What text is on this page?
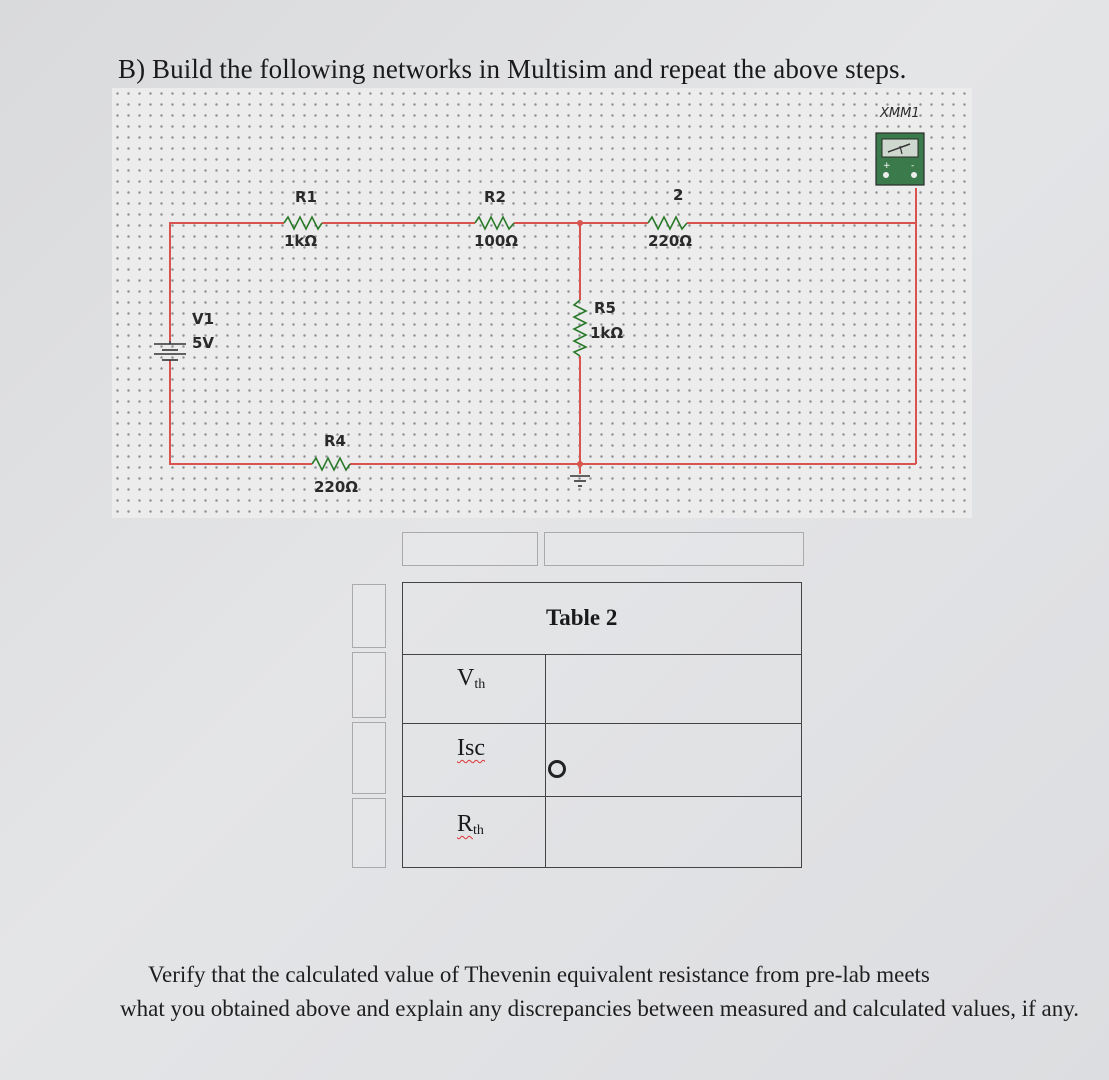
B) Build the following networks in Multisim and repeat the above steps.
+ -
XMM1
R1
1kΩ
R2
100Ω
2
220Ω
R5
1kΩ
R4
220Ω
V1
5V
Table 2
$V_{th}$
Isc
$R_{th}$
Verify that the calculated value of Thevenin equivalent resistance from pre-lab meets
what you obtained above and explain any discrepancies between measured and calculated values, if any.
